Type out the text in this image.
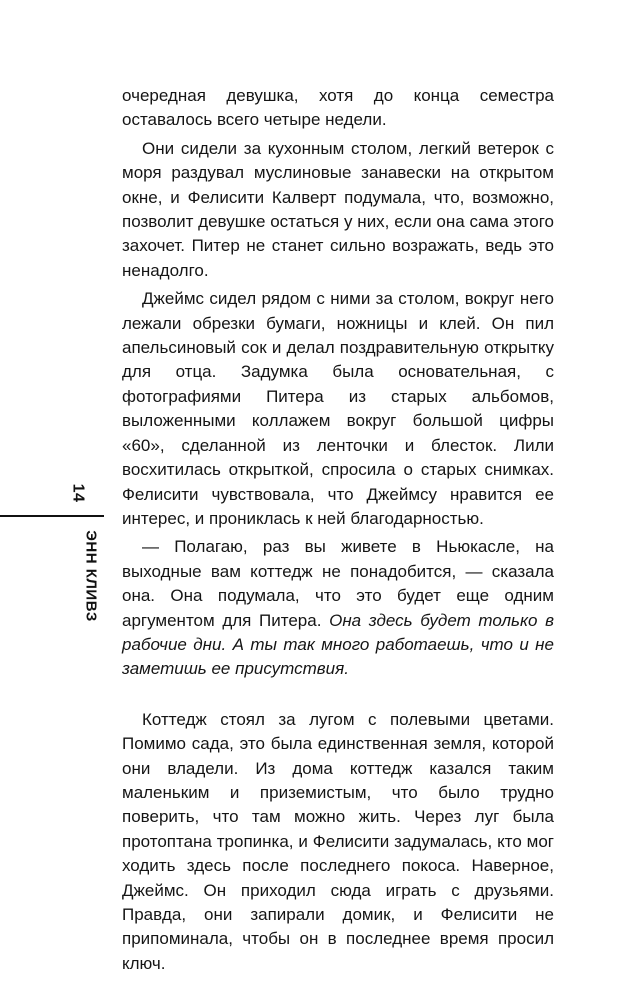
14
ЭНН КЛИВЗ

очередная девушка, хотя до конца семестра оставалось всего четыре недели.

Они сидели за кухонным столом, легкий ветерок с моря раздувал муслиновые занавески на открытом окне, и Фелисити Калверт подумала, что, возможно, позволит девушке остаться у них, если она сама этого захочет. Питер не станет сильно возражать, ведь это ненадолго.

Джеймс сидел рядом с ними за столом, вокруг него лежали обрезки бумаги, ножницы и клей. Он пил апельсиновый сок и делал поздравительную открытку для отца. Задумка была основательная, с фотографиями Питера из старых альбомов, выложенными коллажем вокруг большой цифры «60», сделанной из ленточки и блесток. Лили восхитилась открыткой, спросила о старых снимках. Фелисити чувствовала, что Джеймсу нравится ее интерес, и прониклась к ней благодарностью.

— Полагаю, раз вы живете в Ньюкасле, на выходные вам коттедж не понадобится, — сказала она. Она подумала, что это будет еще одним аргументом для Питера. Она здесь будет только в рабочие дни. А ты так много работаешь, что и не заметишь ее присутствия.

Коттедж стоял за лугом с полевыми цветами. Помимо сада, это была единственная земля, которой они владели. Из дома коттедж казался таким маленьким и приземистым, что было трудно поверить, что там можно жить. Через луг была протоптана тропинка, и Фелисити задумалась, кто мог ходить здесь после последнего покоса. Наверное, Джеймс. Он приходил сюда играть с друзьями. Правда, они запирали домик, и Фелисити не припоминала, чтобы он в последнее время просил ключ.
